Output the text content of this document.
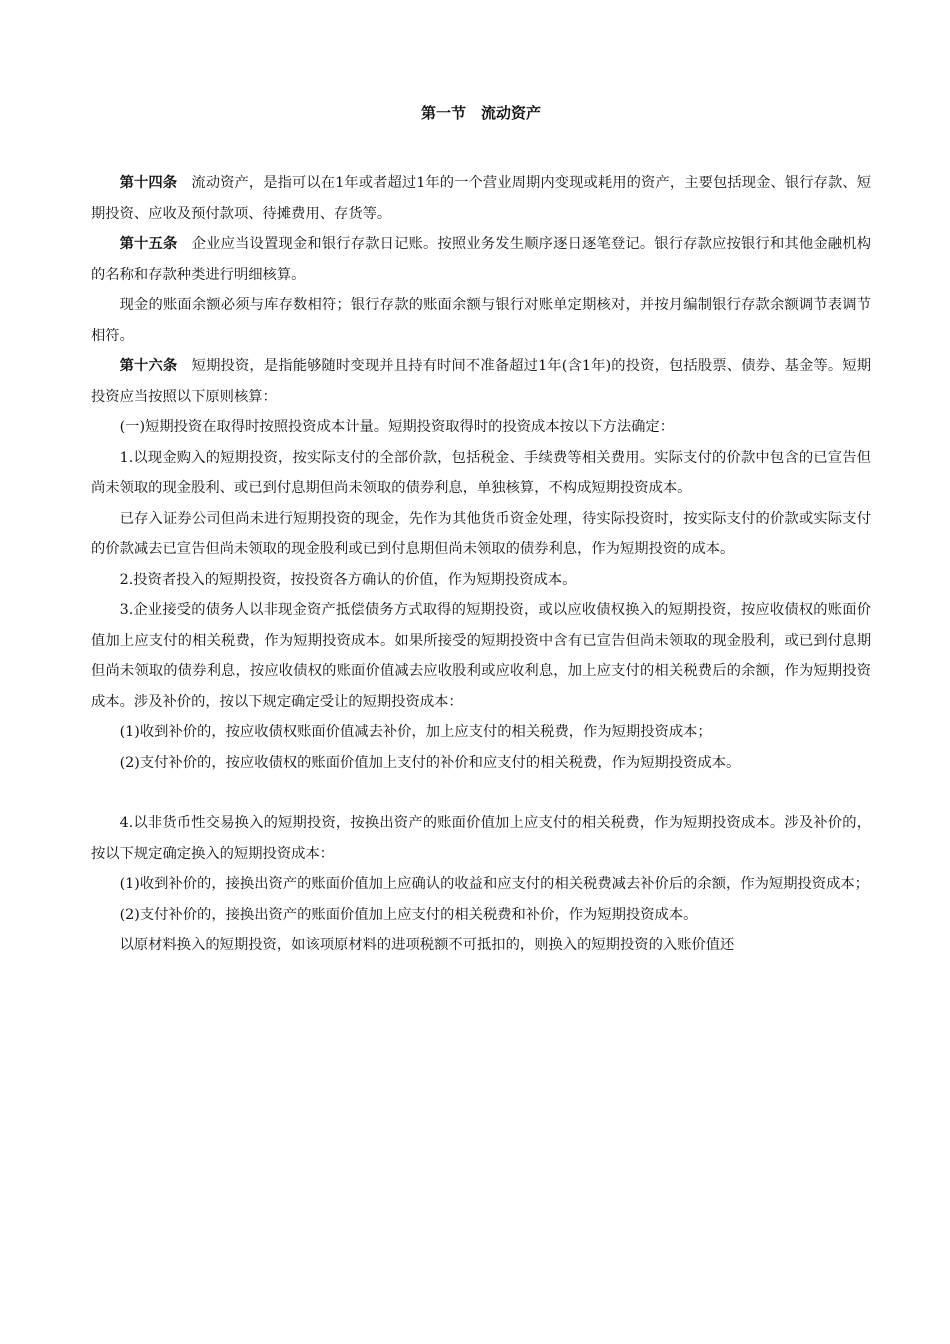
第一节　流动资产

第十四条 流动资产，是指可以在1年或者超过1年的一个营业周期内变现或耗用的资产，主要包括现金、银行存款、短期投资、应收及预付款项、待摊费用、存货等。

第十五条 企业应当设置现金和银行存款日记账。按照业务发生顺序逐日逐笔登记。银行存款应按银行和其他金融机构的名称和存款种类进行明细核算。

现金的账面余额必须与库存数相符；银行存款的账面余额与银行对账单定期核对，并按月编制银行存款余额调节表调节相符。

第十六条 短期投资，是指能够随时变现并且持有时间不准备超过1年(含1年)的投资，包括股票、债券、基金等。短期投资应当按照以下原则核算：

(一)短期投资在取得时按照投资成本计量。短期投资取得时的投资成本按以下方法确定：

1.以现金购入的短期投资，按实际支付的全部价款，包括税金、手续费等相关费用。实际支付的价款中包含的已宣告但尚未领取的现金股利、或已到付息期但尚未领取的债券利息，单独核算，不构成短期投资成本。

已存入证券公司但尚未进行短期投资的现金，先作为其他货币资金处理，待实际投资时，按实际支付的价款或实际支付的价款减去已宣告但尚未领取的现金股利或已到付息期但尚未领取的债券利息，作为短期投资的成本。

2.投资者投入的短期投资，按投资各方确认的价值，作为短期投资成本。

3.企业接受的债务人以非现金资产抵偿债务方式取得的短期投资，或以应收债权换入的短期投资，按应收债权的账面价值加上应支付的相关税费，作为短期投资成本。如果所接受的短期投资中含有已宣告但尚未领取的现金股利，或已到付息期但尚未领取的债券利息，按应收债权的账面价值减去应收股利或应收利息，加上应支付的相关税费后的余额，作为短期投资成本。涉及补价的，按以下规定确定受让的短期投资成本：

(1)收到补价的，按应收债权账面价值减去补价，加上应支付的相关税费，作为短期投资成本；

(2)支付补价的，按应收债权的账面价值加上支付的补价和应支付的相关税费，作为短期投资成本。

4.以非货币性交易换入的短期投资，按换出资产的账面价值加上应支付的相关税费，作为短期投资成本。涉及补价的，按以下规定确定换入的短期投资成本：

(1)收到补价的，接换出资产的账面价值加上应确认的收益和应支付的相关税费减去补价后的余额，作为短期投资成本；

(2)支付补价的，接换出资产的账面价值加上应支付的相关税费和补价，作为短期投资成本。

以原材料换入的短期投资，如该项原材料的进项税额不可抵扣的，则换入的短期投资的入账价值还
